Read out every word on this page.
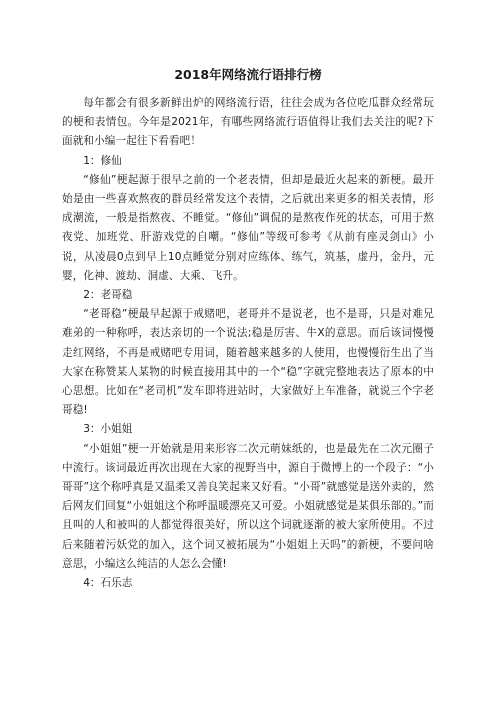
2018年网络流行语排行榜

每年都会有很多新鲜出炉的网络流行语，往往会成为各位吃瓜群众经常玩的梗和表情包。今年是2021年，有哪些网络流行语值得让我们去关注的呢?下面就和小编一起往下看看吧！

1：修仙

“修仙”梗起源于很早之前的一个老表情，但却是最近火起来的新梗。最开始是由一些喜欢熬夜的群员经常发这个表情，之后就出来更多的相关表情，形成潮流，一般是指熬夜、不睡觉。“修仙”调侃的是熬夜作死的状态，可用于熬夜党、加班党、肝游戏党的自嘲。“修仙”等级可参考《从前有座灵剑山》小说，从凌晨0点到早上10点睡觉分别对应练体、练气，筑基，虚丹，金丹，元婴，化神、渡劫、洞虚、大乘、飞升。

2：老哥稳

“老哥稳”梗最早起源于戒赌吧，老哥并不是说老，也不是哥，只是对难兄难弟的一种称呼，表达亲切的一个说法;稳是厉害、牛X的意思。而后该词慢慢走红网络，不再是戒赌吧专用词，随着越来越多的人使用，也慢慢衍生出了当大家在称赞某人某物的时候直接用其中的一个“稳”字就完整地表达了原本的中心思想。比如在“老司机”发车即将进站时，大家做好上车准备，就说三个字老哥稳!

3：小姐姐

“小姐姐”梗一开始就是用来形容二次元萌妹纸的，也是最先在二次元圈子中流行。该词最近再次出现在大家的视野当中，源自于微博上的一个段子：“小哥哥”这个称呼真是又温柔又善良笑起来又好看。“小哥”就感觉是送外卖的，然后网友们回复“小姐姐这个称呼温暖漂亮又可爱。小姐就感觉是某俱乐部的。”而且叫的人和被叫的人都觉得很美好，所以这个词就逐渐的被大家所使用。不过后来随着污妖党的加入，这个词又被拓展为“小姐姐上天吗”的新梗，不要问啥意思，小编这么纯洁的人怎么会懂!

4：石乐志
